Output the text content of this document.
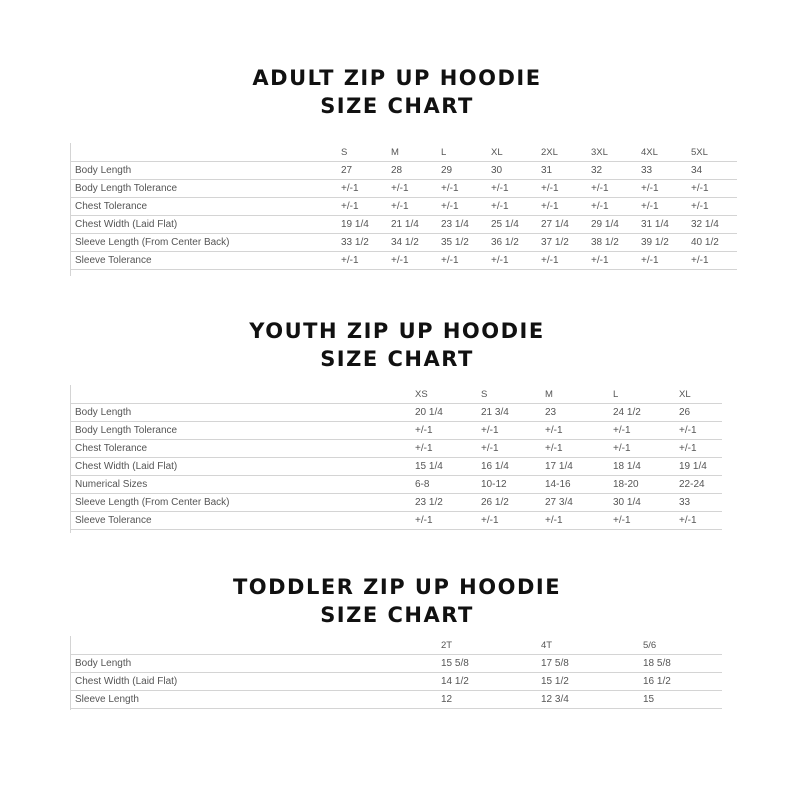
ADULT ZIP UP HOODIE
SIZE CHART
	S	M	L	XL	2XL	3XL	4XL	5XL
Body Length	27	28	29	30	31	32	33	34
Body Length Tolerance	+/-1	+/-1	+/-1	+/-1	+/-1	+/-1	+/-1	+/-1
Chest Tolerance	+/-1	+/-1	+/-1	+/-1	+/-1	+/-1	+/-1	+/-1
Chest Width (Laid Flat)	19 1/4	21 1/4	23 1/4	25 1/4	27 1/4	29 1/4	31 1/4	32 1/4
Sleeve Length (From Center Back)	33 1/2	34 1/2	35 1/2	36 1/2	37 1/2	38 1/2	39 1/2	40 1/2
Sleeve Tolerance	+/-1	+/-1	+/-1	+/-1	+/-1	+/-1	+/-1	+/-1
YOUTH ZIP UP HOODIE
SIZE CHART
	XS	S	M	L	XL
Body Length	20 1/4	21 3/4	23	24 1/2	26
Body Length Tolerance	+/-1	+/-1	+/-1	+/-1	+/-1
Chest Tolerance	+/-1	+/-1	+/-1	+/-1	+/-1
Chest Width (Laid Flat)	15 1/4	16 1/4	17 1/4	18 1/4	19 1/4
Numerical Sizes	6-8	10-12	14-16	18-20	22-24
Sleeve Length (From Center Back)	23 1/2	26 1/2	27 3/4	30 1/4	33
Sleeve Tolerance	+/-1	+/-1	+/-1	+/-1	+/-1
TODDLER ZIP UP HOODIE
SIZE CHART
	2T	4T	5/6
Body Length	15 5/8	17 5/8	18 5/8
Chest Width (Laid Flat)	14 1/2	15 1/2	16 1/2
Sleeve Length	12	12 3/4	15
